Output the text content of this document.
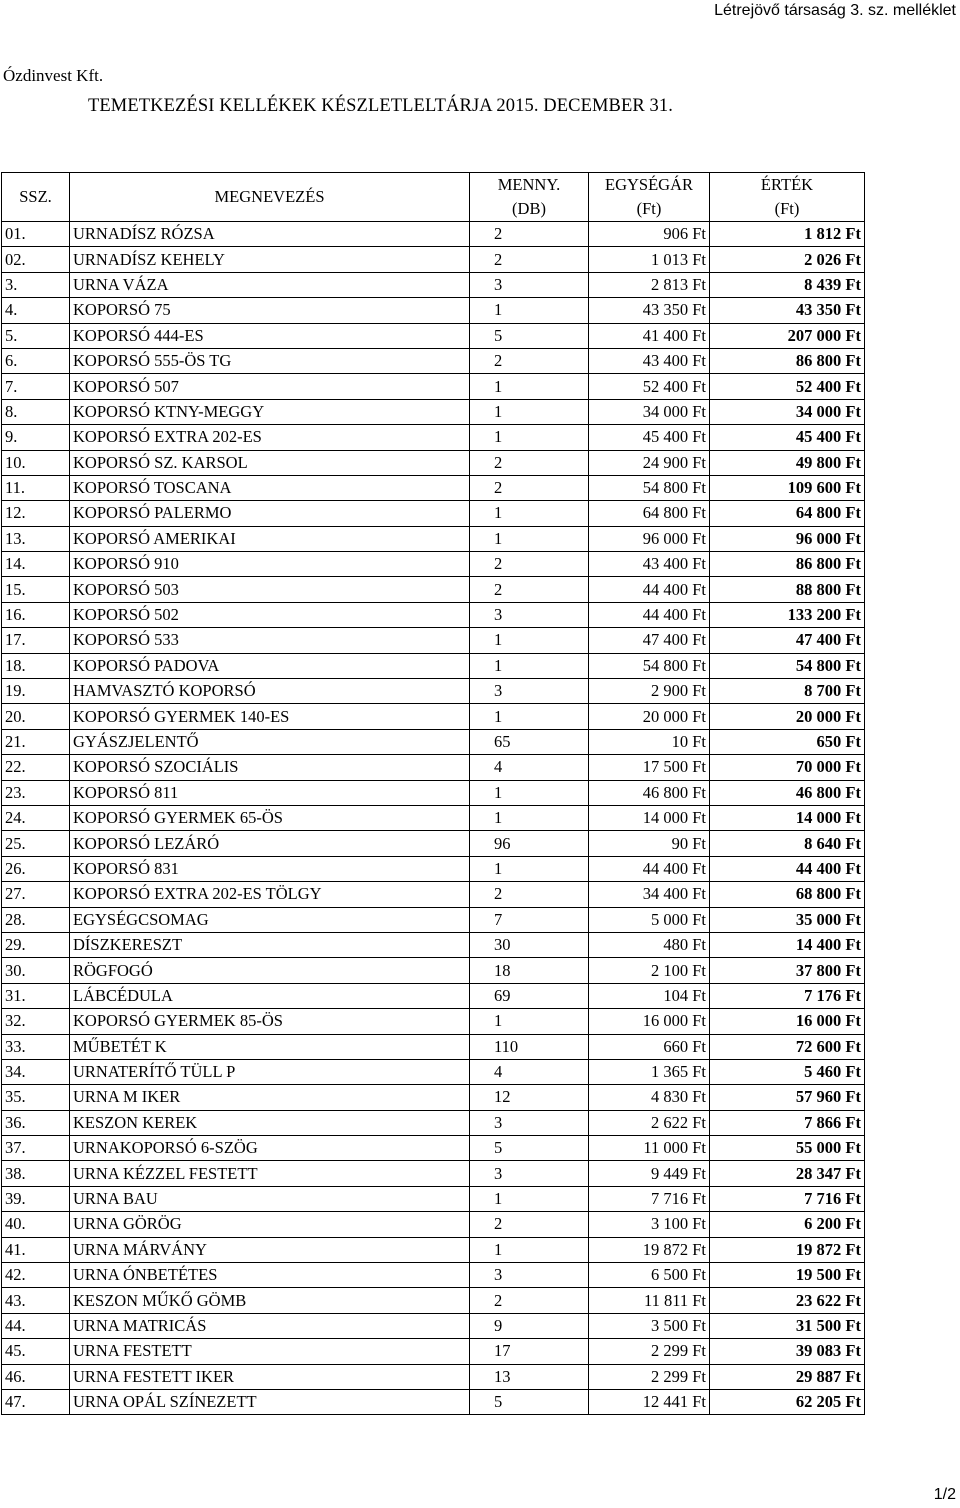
Létrejövő társaság 3. sz. melléklet
Ózdinvest Kft.
TEMETKEZÉSI KELLÉKEK KÉSZLETLELTÁRJA 2015. DECEMBER 31.
SSZ.	MEGNEVEZÉS	MENNY.	EGYSÉGÁR	ÉRTÉK
		(DB)	(Ft)	(Ft)
01.	URNADÍSZ RÓZSA	2	906 Ft	1 812 Ft
02.	URNADÍSZ KEHELY	2	1 013 Ft	2 026 Ft
3.	URNA VÁZA	3	2 813 Ft	8 439 Ft
4.	KOPORSÓ 75	1	43 350 Ft	43 350 Ft
5.	KOPORSÓ 444-ES	5	41 400 Ft	207 000 Ft
6.	KOPORSÓ 555-ÖS TG	2	43 400 Ft	86 800 Ft
7.	KOPORSÓ 507	1	52 400 Ft	52 400 Ft
8.	KOPORSÓ KTNY-MEGGY	1	34 000 Ft	34 000 Ft
9.	KOPORSÓ EXTRA 202-ES	1	45 400 Ft	45 400 Ft
10.	KOPORSÓ SZ. KARSOL	2	24 900 Ft	49 800 Ft
11.	KOPORSÓ TOSCANA	2	54 800 Ft	109 600 Ft
12.	KOPORSÓ PALERMO	1	64 800 Ft	64 800 Ft
13.	KOPORSÓ AMERIKAI	1	96 000 Ft	96 000 Ft
14.	KOPORSÓ 910	2	43 400 Ft	86 800 Ft
15.	KOPORSÓ 503	2	44 400 Ft	88 800 Ft
16.	KOPORSÓ 502	3	44 400 Ft	133 200 Ft
17.	KOPORSÓ 533	1	47 400 Ft	47 400 Ft
18.	KOPORSÓ PADOVA	1	54 800 Ft	54 800 Ft
19.	HAMVASZTÓ KOPORSÓ	3	2 900 Ft	8 700 Ft
20.	KOPORSÓ GYERMEK 140-ES	1	20 000 Ft	20 000 Ft
21.	GYÁSZJELENTŐ	65	10 Ft	650 Ft
22.	KOPORSÓ SZOCIÁLIS	4	17 500 Ft	70 000 Ft
23.	KOPORSÓ 811	1	46 800 Ft	46 800 Ft
24.	KOPORSÓ GYERMEK 65-ÖS	1	14 000 Ft	14 000 Ft
25.	KOPORSÓ LEZÁRÓ	96	90 Ft	8 640 Ft
26.	KOPORSÓ 831	1	44 400 Ft	44 400 Ft
27.	KOPORSÓ EXTRA 202-ES TÖLGY	2	34 400 Ft	68 800 Ft
28.	EGYSÉGCSOMAG	7	5 000 Ft	35 000 Ft
29.	DÍSZKERESZT	30	480 Ft	14 400 Ft
30.	RÖGFOGÓ	18	2 100 Ft	37 800 Ft
31.	LÁBCÉDULA	69	104 Ft	7 176 Ft
32.	KOPORSÓ GYERMEK 85-ÖS	1	16 000 Ft	16 000 Ft
33.	MŰBETÉT K	110	660 Ft	72 600 Ft
34.	URNATERÍTŐ TÜLL P	4	1 365 Ft	5 460 Ft
35.	URNA M IKER	12	4 830 Ft	57 960 Ft
36.	KESZON KEREK	3	2 622 Ft	7 866 Ft
37.	URNAKOPORSÓ 6-SZÖG	5	11 000 Ft	55 000 Ft
38.	URNA KÉZZEL FESTETT	3	9 449 Ft	28 347 Ft
39.	URNA BAU	1	7 716 Ft	7 716 Ft
40.	URNA GÖRÖG	2	3 100 Ft	6 200 Ft
41.	URNA MÁRVÁNY	1	19 872 Ft	19 872 Ft
42.	URNA ÓNBETÉTES	3	6 500 Ft	19 500 Ft
43.	KESZON MŰKŐ GÖMB	2	11 811 Ft	23 622 Ft
44.	URNA MATRICÁS	9	3 500 Ft	31 500 Ft
45.	URNA FESTETT	17	2 299 Ft	39 083 Ft
46.	URNA FESTETT IKER	13	2 299 Ft	29 887 Ft
47.	URNA OPÁL SZÍNEZETT	5	12 441 Ft	62 205 Ft
1/2
